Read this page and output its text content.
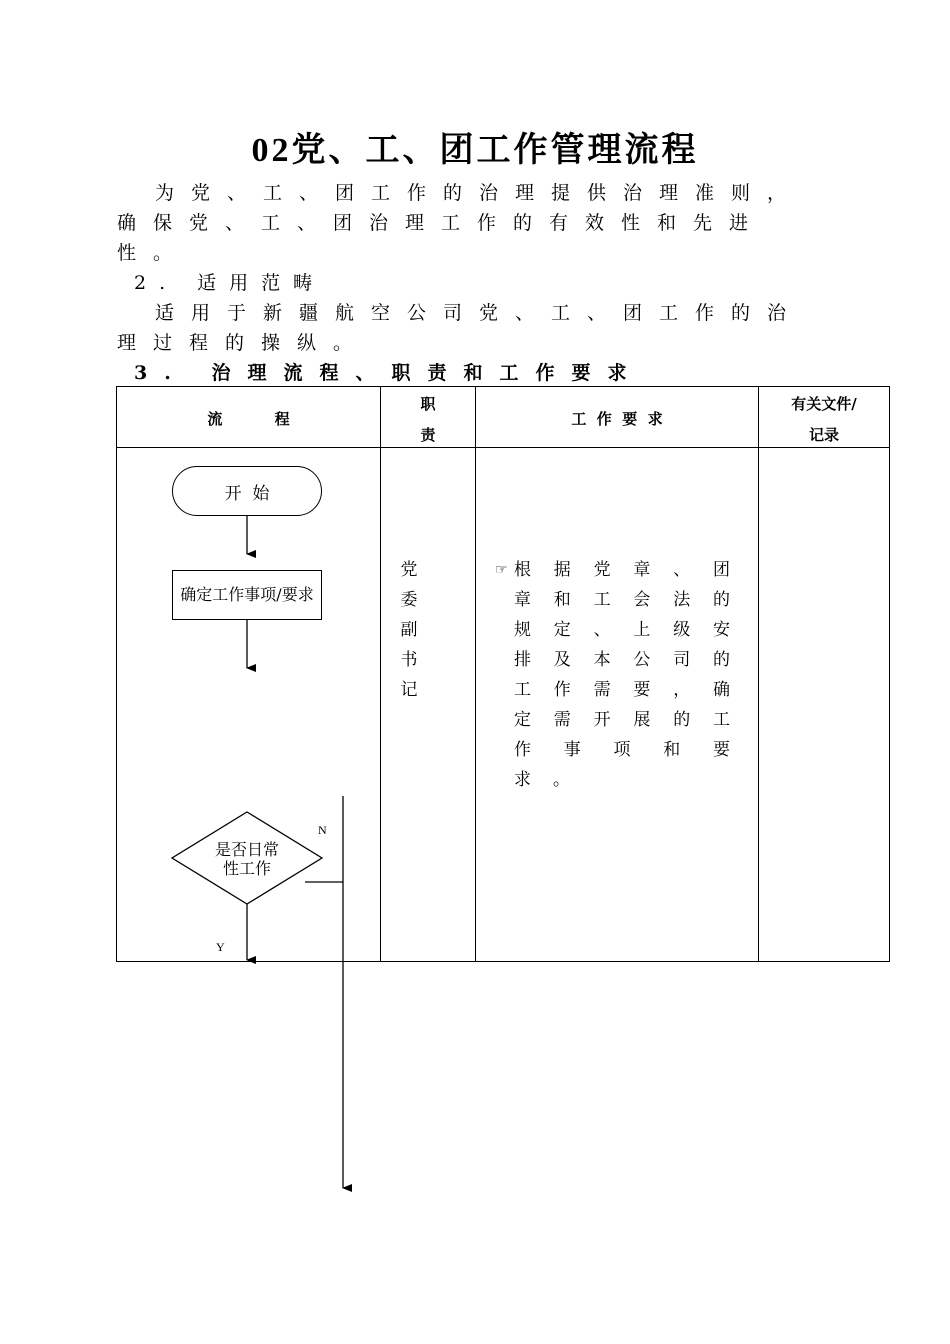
02党、工、团工作管理流程
为党、工、团工作的治理提供治理准则，
确保党、工、团治理工作的有效性和先进
性。
2. 适用范畴
适用于新疆航空公司党、工、团工作的治
理过程的操纵。
3. 治理流程、职责和工作要求
流          程
职
责
工  作  要  求
有关文件/
记录
党
委
副
书
记
☞ 根 据 党 章 、 团
章 和 工 会 法 的
规 定 、 上 级 安
排 及 本 公 司 的
工 作 需 要 ， 确
定 需 开 展 的 工
作 事 项 和 要
求 。
开  始
确定工作事项/要求
是否日常性工作
N
Y
